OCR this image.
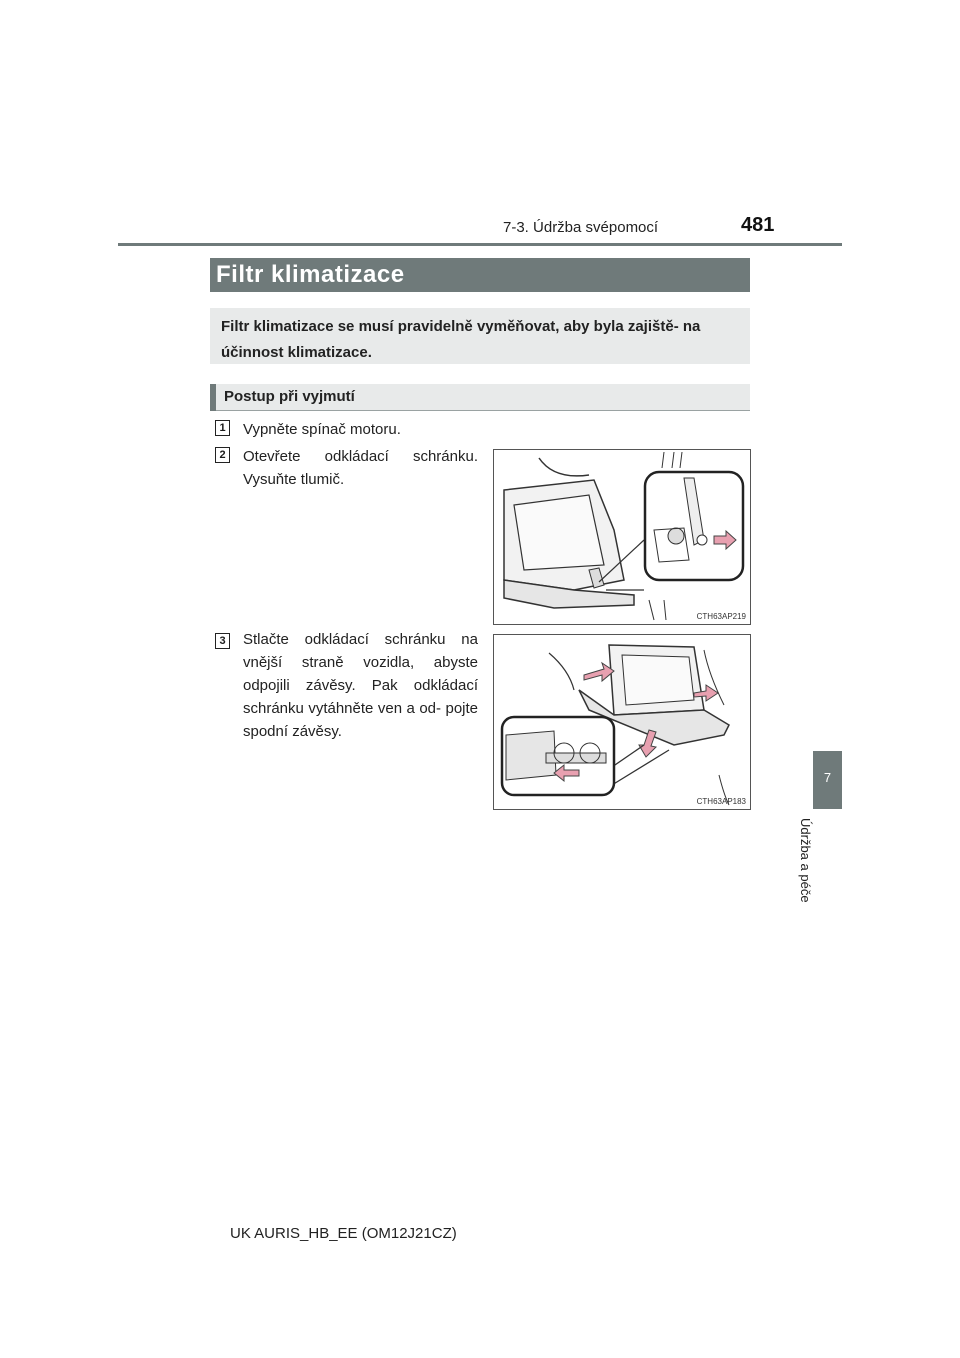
7-3. Údržba svépomocí	481
7
Údržba a péče
Filtr klimatizace
Filtr klimatizace se musí pravidelně vyměňovat, aby byla zajiště- na účinnost klimatizace.
Postup při vyjmutí
1 Vypněte spínač motoru.
2 Otevřete odkládací schránku. Vysuňte tlumič.
CTH63AP219
3 Stlačte odkládací schránku na vnější straně vozidla, abyste odpojili závěsy. Pak odkládací schránku vytáhněte ven a od- pojte spodní závěsy.
CTH63AP183
UK AURIS_HB_EE (OM12J21CZ)
